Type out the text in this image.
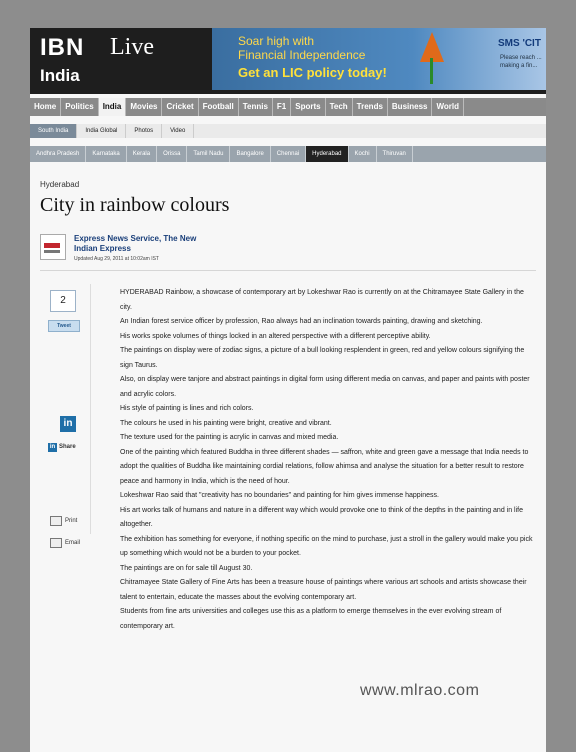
IBN Live
India
Soar high with
Financial Independence
Get an LIC policy today!
SMS 'CIT
Please reach ... making a fin...
Home	Politics	India	Movies	Cricket	Football	Tennis	F1	Sports	Tech	Trends	Business	World
South India	India Global	Photos	Video
Andhra Pradesh	Karnataka	Kerala	Orissa	Tamil Nadu	Bangalore	Chennai	Hyderabad	Kochi	Thiruvan
Hyderabad
City in rainbow colours
Express News Service, The New
Indian Express
Updated Aug 29, 2011 at 10:02am IST
2
Tweet
in
in Share
Print
Email

HYDERABAD Rainbow, a showcase of contemporary art by Lokeshwar Rao is currently on at the Chitramayee State Gallery in the city.

An Indian forest service officer by profession, Rao always had an inclination towards painting, drawing and sketching.

His works spoke volumes of things locked in an altered perspective with a different perceptive ability.

The paintings on display were of zodiac signs, a picture of a bull looking resplendent in green, red and yellow colours signifying the sign Taurus.

Also, on display were tanjore and abstract paintings in digital form using different media on canvas, and paper and paints with poster and acrylic colors.

His style of painting is lines and rich colors.

The colours he used in his painting were bright, creative and vibrant.

The texture used for the painting is acrylic in canvas and mixed media.

One of the painting which featured Buddha in three different shades — saffron, white and green gave a message that India needs to adopt the qualities of Buddha like maintaining cordial relations, follow ahimsa and analyse the situation for a better result to restore peace and harmony in India, which is the need of hour.

Lokeshwar Rao said that "creativity has no boundaries" and painting for him gives immense happiness.

His art works talk of humans and nature in a different way which would provoke one to think of the depths in the painting and in life altogether.

The exhibition has something for everyone, if nothing specific on the mind to purchase, just a stroll in the gallery would make you pick up something which would not be a burden to your pocket.

The paintings are on for sale till August 30.

Chitramayee State Gallery of Fine Arts has been a treasure house of paintings where various art schools and artists showcase their talent to entertain, educate the masses about the evolving contemporary art.

Students from fine arts universities and colleges use this as a platform to emerge themselves in the ever evolving stream of contemporary art.

www.mlrao.com
